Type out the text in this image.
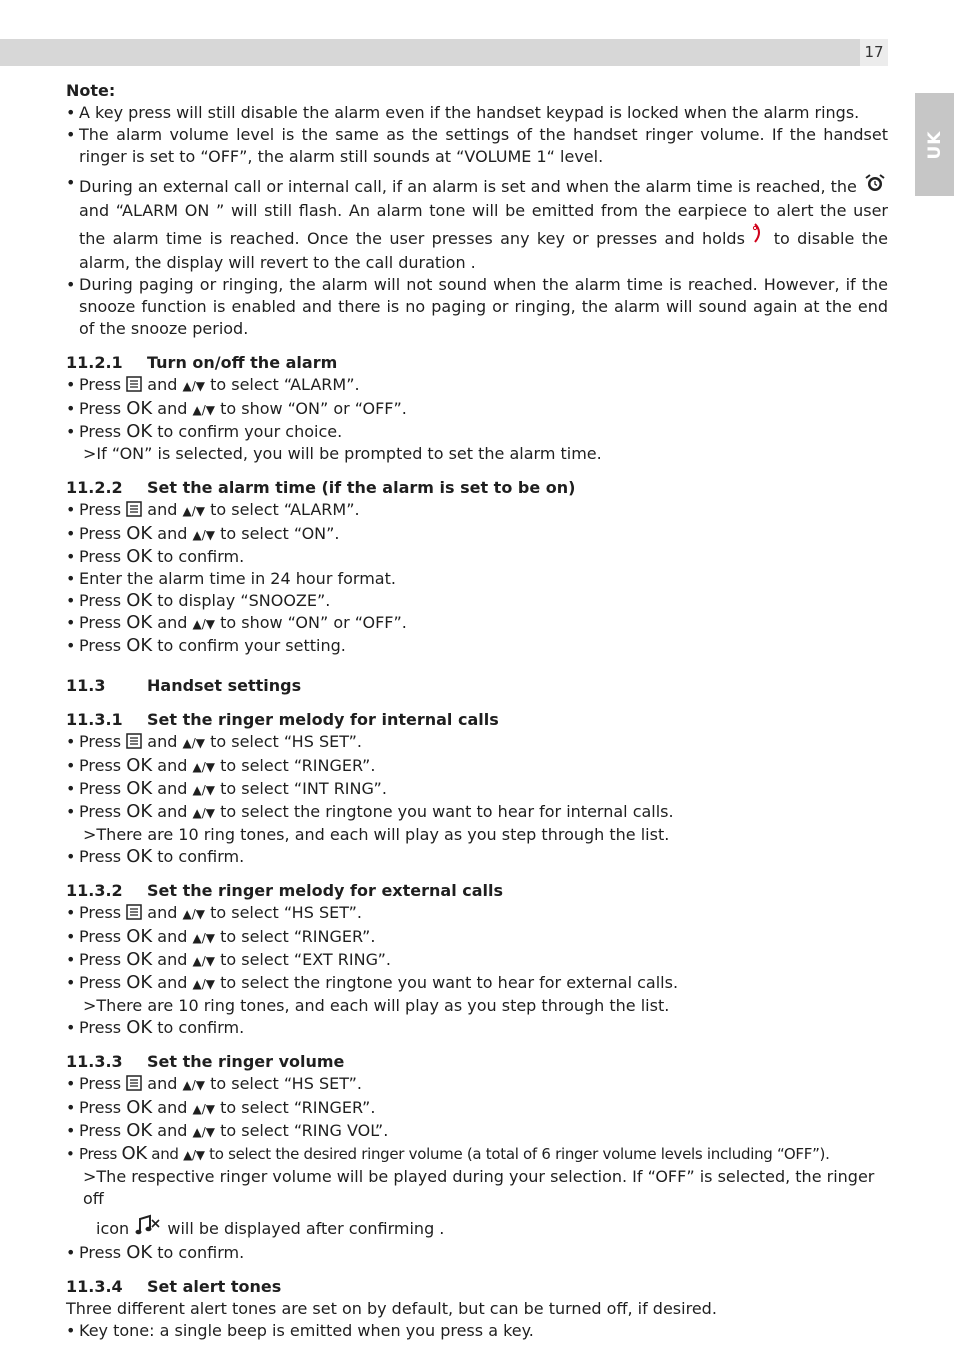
17
UK

Note:

• A key press will still disable the alarm even if the handset keypad is locked when the alarm rings.

• The alarm volume level is the same as the settings of the handset ringer volume. If the handset ringer is set to “OFF”, the alarm still sounds at “VOLUME 1“ level.

• During an external call or internal call, if an alarm is set and when the alarm time is reached, the  and “ALARM ON ” will still flash. An alarm tone will be emitted from the earpiece to alert the user the alarm time is reached. Once the user presses any key or presses and holds to disable the alarm, the display will revert to the call duration .

• During paging or ringing, the alarm will not sound when the alarm time is reached. However, if the snooze function is enabled and there is no paging or ringing, the alarm will sound again at the end of the snooze period.

11.2.1 Turn on/off the alarm

• Press and ▲/▼ to select “ALARM”.

• Press OK and ▲/▼ to show “ON” or “OFF”.

• Press OK to confirm your choice.

>If “ON” is selected, you will be prompted to set the alarm time.

11.2.2 Set the alarm time (if the alarm is set to be on)

• Press and ▲/▼ to select “ALARM”.

• Press OK and ▲/▼ to select “ON”.

• Press OK to confirm.

• Enter the alarm time in 24 hour format.

• Press OK to display “SNOOZE”.

• Press OK and ▲/▼ to show “ON” or “OFF”.

• Press OK to confirm your setting.

11.3	Handset settings
11.3.1 Set the ringer melody for internal calls

• Press and ▲/▼ to select “HS SET”.

• Press OK and ▲/▼ to select “RINGER”.

• Press OK and ▲/▼ to select “INT RING”.

• Press OK and ▲/▼ to select the ringtone you want to hear for internal calls.

>There are 10 ring tones, and each will play as you step through the list.

• Press OK to confirm.

11.3.2 Set the ringer melody for external calls

• Press and ▲/▼ to select “HS SET”.

• Press OK and ▲/▼ to select “RINGER”.

• Press OK and ▲/▼ to select “EXT RING”.

• Press OK and ▲/▼ to select the ringtone you want to hear for external calls.

>There are 10 ring tones, and each will play as you step through the list.

• Press OK to confirm.

11.3.3 Set the ringer volume

• Press and ▲/▼ to select “HS SET”.

• Press OK and ▲/▼ to select “RINGER”.

• Press OK and ▲/▼ to select “RING VOL”.

• Press OK and ▲/▼ to select the desired ringer volume (a total of 6 ringer volume levels including “OFF”).

>The respective ringer volume will be played during your selection. If “OFF” is selected, the ringer off

icon will be displayed after confirming .

• Press OK to confirm.

11.3.4 Set alert tones

Three different alert tones are set on by default, but can be turned off, if desired.

• Key tone: a single beep is emitted when you press a key.
